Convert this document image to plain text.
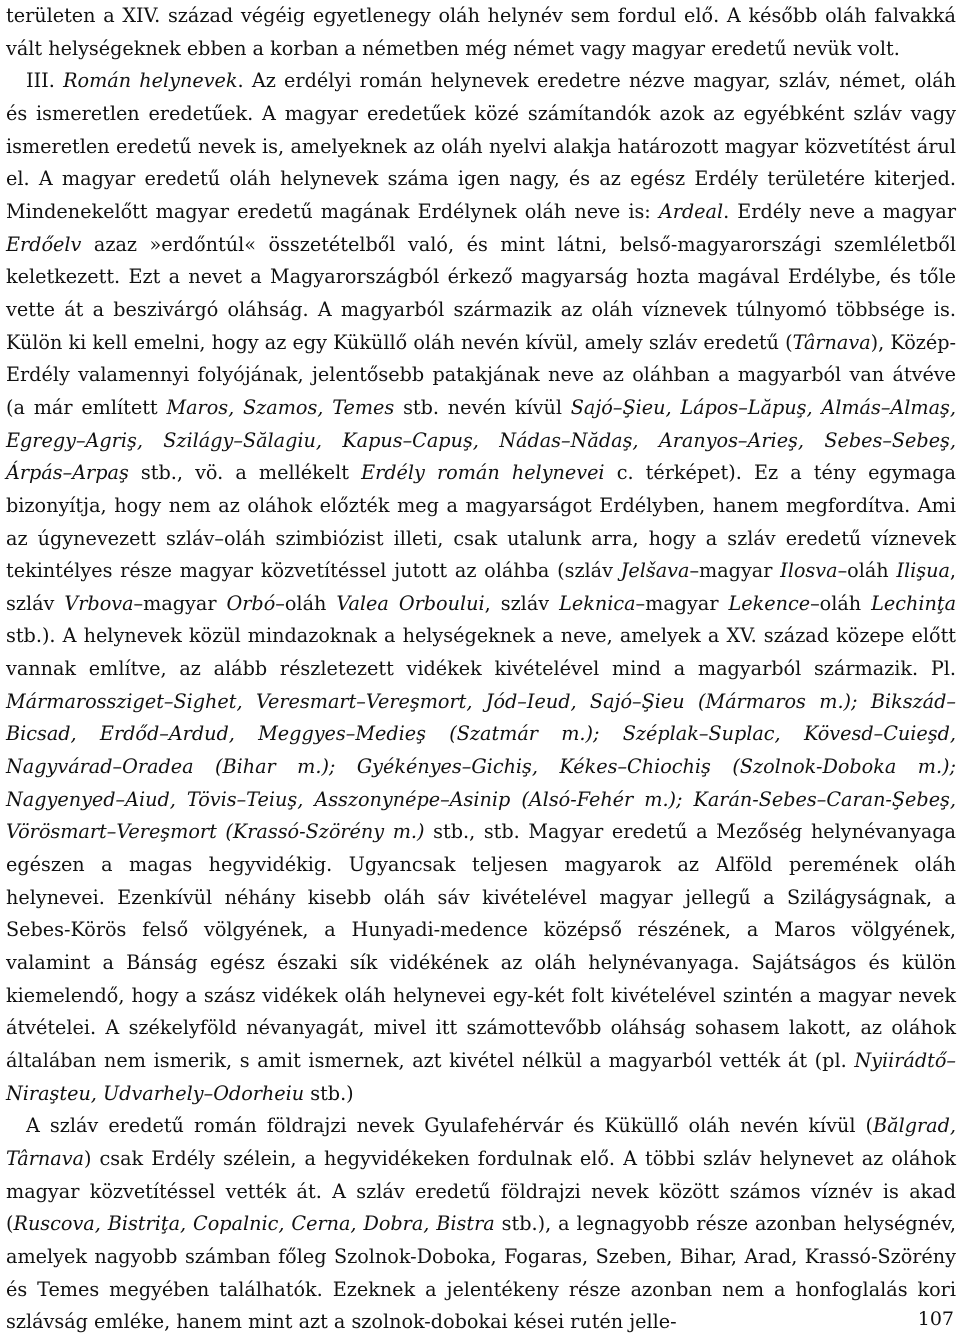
területen a XIV. század végéig egyetlenegy oláh helynév sem fordul elő. A később oláh falvakká vált helységeknek ebben a korban a németben még német vagy magyar eredetű nevük volt.

III. Román helynevek. Az erdélyi román helynevek eredetre nézve magyar, szláv, német, oláh és ismeretlen eredetűek. A magyar eredetűek közé számítandók azok az egyébként szláv vagy ismeretlen eredetű nevek is, amelyeknek az oláh nyelvi alakja határozott magyar közvetítést árul el. A magyar eredetű oláh helynevek száma igen nagy, és az egész Erdély területére kiterjed. Mindenekelőtt magyar eredetű magának Erdélynek oláh neve is: Ardeal. Erdély neve a magyar Erdőelv azaz »erdőntúl« összetételből való, és mint látni, belső-magyarországi szemléletből keletkezett. Ezt a nevet a Magyarországból érkező magyarság hozta magával Erdélybe, és tőle vette át a beszivárgó oláhság. A magyarból származik az oláh víznevek túlnyomó többsége is. Külön ki kell emelni, hogy az egy Küküllő oláh nevén kívül, amely szláv eredetű (Târnava), Közép-Erdély valamennyi folyójának, jelentősebb patakjának neve az oláhban a magyarból van átvéve (a már említett Maros, Szamos, Temes stb. nevén kívül Sajó–Şieu, Lápos–Lăpuş, Almás–Almaş, Egregy–Agriş, Szilágy–Sălagiu, Kapus–Capuş, Nádas–Nădaş, Aranyos–Arieş, Sebes–Sebeş, Árpás–Arpaş stb., vö. a mellékelt Erdély román helynevei c. térképet). Ez a tény egymaga bizonyítja, hogy nem az oláhok előzték meg a magyarságot Erdélyben, hanem megfordítva. Ami az úgynevezett szláv–oláh szimbiózist illeti, csak utalunk arra, hogy a szláv eredetű víznevek tekintélyes része magyar közvetítéssel jutott az oláhba (szláv Jelšava–magyar Ilosva–oláh Ilişua, szláv Vrbova–magyar Orbó–oláh Valea Orboului, szláv Leknica–magyar Lekence–oláh Lechinţa stb.). A helynevek közül mindazoknak a helységeknek a neve, amelyek a XV. század közepe előtt vannak említve, az alább részletezett vidékek kivételével mind a magyarból származik. Pl. Mármarossziget–Sighet, Veresmart–Vereşmort, Jód–Ieud, Sajó–Şieu (Mármaros m.); Bikszád–Bicsad, Erdőd–Ardud, Meggyes–Medieş (Szatmár m.); Széplak–Suplac, Kövesd–Cuieşd, Nagyvárad–Oradea (Bihar m.); Gyékényes–Gichiş, Kékes–Chiochiş (Szolnok-Doboka m.); Nagyenyed–Aiud, Tövis–Teiuş, Asszonynépe–Asinip (Alsó-Fehér m.); Karán-Sebes–Caran-Şebeş, Vörösmart–Vereşmort (Krassó-Szörény m.) stb., stb. Magyar eredetű a Mezőség helynévanyaga egészen a magas hegyvidékig. Ugyancsak teljesen magyarok az Alföld peremének oláh helynevei. Ezenkívül néhány kisebb oláh sáv kivételével magyar jellegű a Szilágyságnak, a Sebes-Körös felső völgyének, a Hunyadi-medence középső részének, a Maros völgyének, valamint a Bánság egész északi sík vidékének az oláh helynévanyaga. Sajátságos és külön kiemelendő, hogy a szász vidékek oláh helynevei egy-két folt kivételével szintén a magyar nevek átvételei. A székelyföld névanyagát, mivel itt számottevőbb oláhság sohasem lakott, az oláhok általában nem ismerik, s amit ismernek, azt kivétel nélkül a magyarból vették át (pl. Nyiirádtő–Niraşteu, Udvarhely–Odorheiu stb.)

A szláv eredetű román földrajzi nevek Gyulafehérvár és Küküllő oláh nevén kívül (Bălgrad, Târnava) csak Erdély szélein, a hegyvidékeken fordulnak elő. A többi szláv helynevet az oláhok magyar közvetítéssel vették át. A szláv eredetű földrajzi nevek között számos víznév is akad (Ruscova, Bistriţa, Copalnic, Cerna, Dobra, Bistra stb.), a legnagyobb része azonban helységnév, amelyek nagyobb számban főleg Szolnok-Doboka, Fogaras, Szeben, Bihar, Arad, Krassó-Szörény és Temes megyében találhatók. Ezeknek a jelentékeny része azonban nem a honfoglalás kori szlávság emléke, hanem mint azt a szolnok-dobokai kései rutén jelle-	107
